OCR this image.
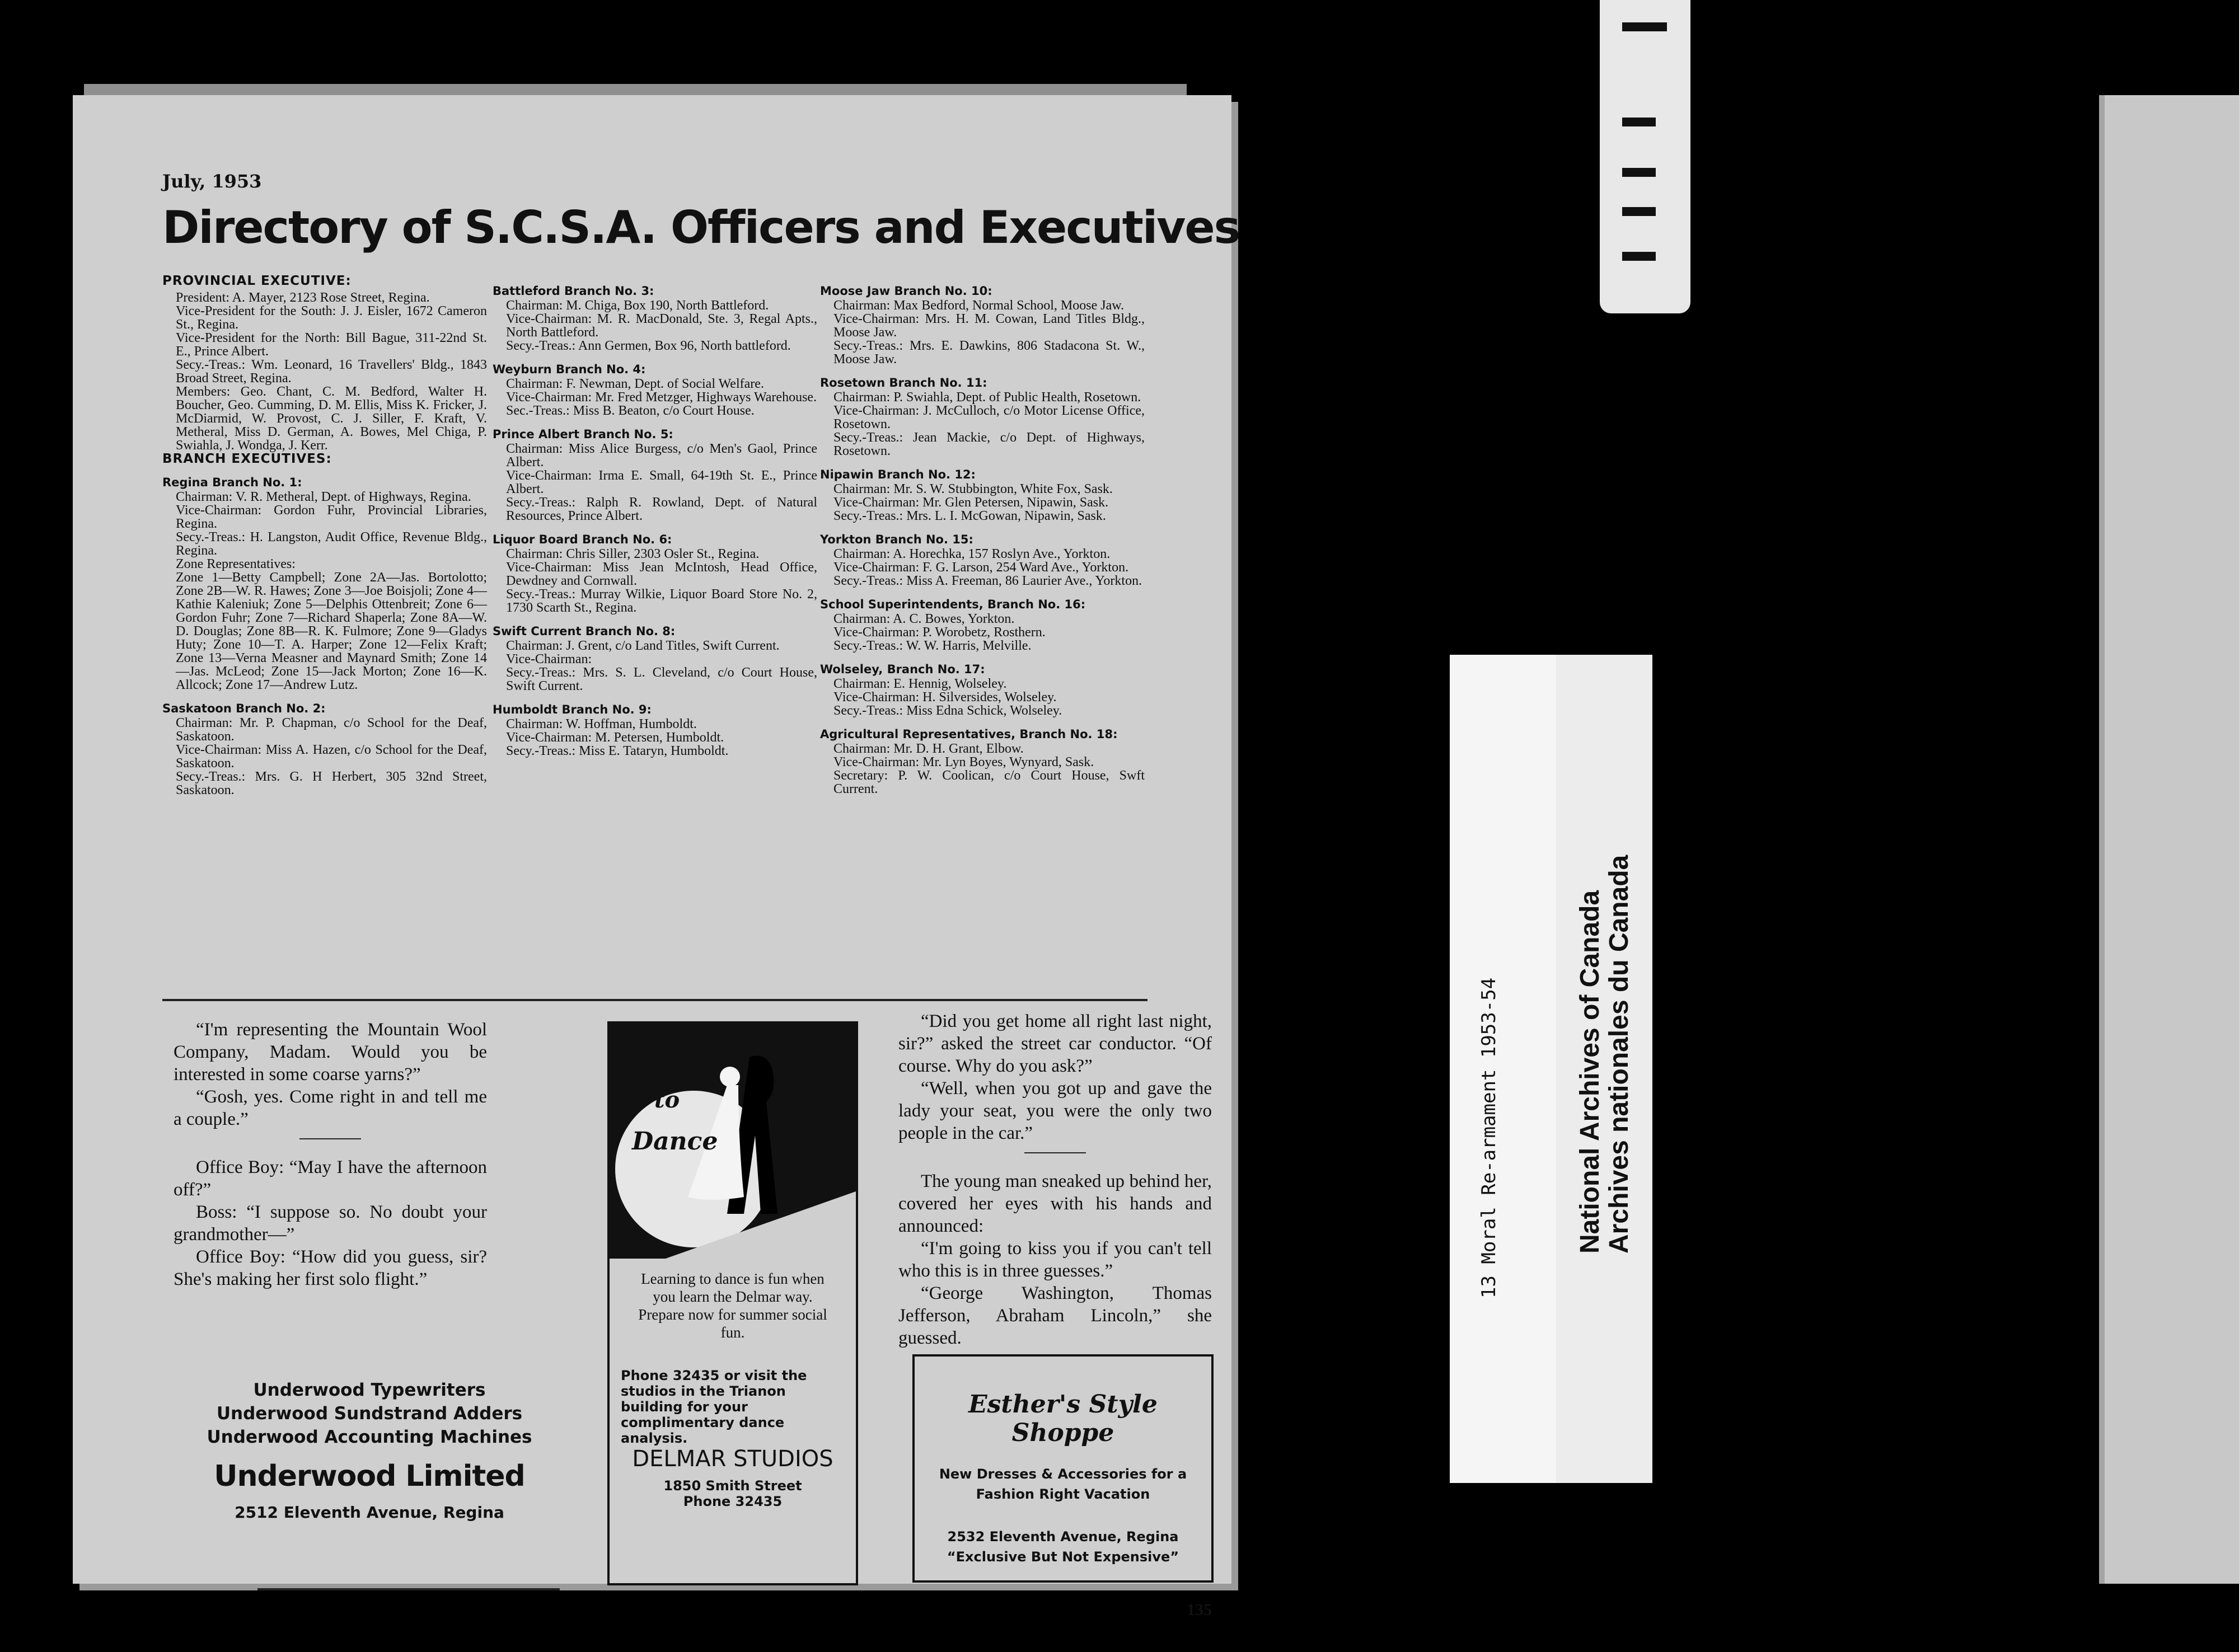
July, 1953
Directory of S.C.S.A. Officers and Executives
PROVINCIAL EXECUTIVE:
President: A. Mayer, 2123 Rose Street, Regina.
Vice-President for the South: J. J. Eisler, 1672 Cameron St., Regina.
Vice-President for the North: Bill Bague, 311-22nd St. E., Prince Albert.
Secy.-Treas.: Wm. Leonard, 16 Travellers' Bldg., 1843 Broad Street, Regina.
Members: Geo. Chant, C. M. Bedford, Walter H. Boucher, Geo. Cumming, D. M. Ellis, Miss K. Fricker, J. McDiarmid, W. Provost, C. J. Siller, F. Kraft, V. Metheral, Miss D. German, A. Bowes, Mel Chiga, P. Swiahla, J. Wondga, J. Kerr.
BRANCH EXECUTIVES:
Regina Branch No. 1:
Chairman: V. R. Metheral, Dept. of Highways, Regina.
Vice-Chairman: Gordon Fuhr, Provincial Libraries, Regina.
Secy.-Treas.: H. Langston, Audit Office, Revenue Bldg., Regina.
Zone Representatives:
Zone 1—Betty Campbell; Zone 2A—Jas. Bortolotto; Zone 2B—W. R. Hawes; Zone 3—Joe Boisjoli; Zone 4—Kathie Kaleniuk; Zone 5—Delphis Ottenbreit; Zone 6—Gordon Fuhr; Zone 7—Richard Shaperla; Zone 8A—W. D. Douglas; Zone 8B—R. K. Fulmore; Zone 9—Gladys Huty; Zone 10—T. A. Harper; Zone 12—Felix Kraft; Zone 13—Verna Measner and Maynard Smith; Zone 14—Jas. McLeod; Zone 15—Jack Morton; Zone 16—K. Allcock; Zone 17—Andrew Lutz.
Saskatoon Branch No. 2:
Chairman: Mr. P. Chapman, c/o School for the Deaf, Saskatoon.
Vice-Chairman: Miss A. Hazen, c/o School for the Deaf, Saskatoon.
Secy.-Treas.: Mrs. G. H Herbert, 305 32nd Street, Saskatoon.
Battleford Branch No. 3:
Chairman: M. Chiga, Box 190, North Battleford.
Vice-Chairman: M. R. MacDonald, Ste. 3, Regal Apts., North Battleford.
Secy.-Treas.: Ann Germen, Box 96, North battleford.
Weyburn Branch No. 4:
Chairman: F. Newman, Dept. of Social Welfare.
Vice-Chairman: Mr. Fred Metzger, Highways Warehouse.
Sec.-Treas.: Miss B. Beaton, c/o Court House.
Prince Albert Branch No. 5:
Chairman: Miss Alice Burgess, c/o Men's Gaol, Prince Albert.
Vice-Chairman: Irma E. Small, 64-19th St. E., Prince Albert.
Secy.-Treas.: Ralph R. Rowland, Dept. of Natural Resources, Prince Albert.
Liquor Board Branch No. 6:
Chairman: Chris Siller, 2303 Osler St., Regina.
Vice-Chairman: Miss Jean McIntosh, Head Office, Dewdney and Cornwall.
Secy.-Treas.: Murray Wilkie, Liquor Board Store No. 2, 1730 Scarth St., Regina.
Swift Current Branch No. 8:
Chairman: J. Grent, c/o Land Titles, Swift Current.
Vice-Chairman:
Secy.-Treas.: Mrs. S. L. Cleveland, c/o Court House, Swift Current.
Humboldt Branch No. 9:
Chairman: W. Hoffman, Humboldt.
Vice-Chairman: M. Petersen, Humboldt.
Secy.-Treas.: Miss E. Tataryn, Humboldt.
Moose Jaw Branch No. 10:
Chairman: Max Bedford, Normal School, Moose Jaw.
Vice-Chairman: Mrs. H. M. Cowan, Land Titles Bldg., Moose Jaw.
Secy.-Treas.: Mrs. E. Dawkins, 806 Stadacona St. W., Moose Jaw.
Rosetown Branch No. 11:
Chairman: P. Swiahla, Dept. of Public Health, Rosetown.
Vice-Chairman: J. McCulloch, c/o Motor License Office, Rosetown.
Secy.-Treas.: Jean Mackie, c/o Dept. of Highways, Rosetown.
Nipawin Branch No. 12:
Chairman: Mr. S. W. Stubbington, White Fox, Sask.
Vice-Chairman: Mr. Glen Petersen, Nipawin, Sask.
Secy.-Treas.: Mrs. L. I. McGowan, Nipawin, Sask.
Yorkton Branch No. 15:
Chairman: A. Horechka, 157 Roslyn Ave., Yorkton.
Vice-Chairman: F. G. Larson, 254 Ward Ave., Yorkton.
Secy.-Treas.: Miss A. Freeman, 86 Laurier Ave., Yorkton.
School Superintendents, Branch No. 16:
Chairman: A. C. Bowes, Yorkton.
Vice-Chairman: P. Worobetz, Rosthern.
Secy.-Treas.: W. W. Harris, Melville.
Wolseley, Branch No. 17:
Chairman: E. Hennig, Wolseley.
Vice-Chairman: H. Silversides, Wolseley.
Secy.-Treas.: Miss Edna Schick, Wolseley.
Agricultural Representatives, Branch No. 18:
Chairman: Mr. D. H. Grant, Elbow.
Vice-Chairman: Mr. Lyn Boyes, Wynyard, Sask.
Secretary: P. W. Coolican, c/o Court House, Swft Current.

“I'm representing the Mountain Wool Company, Madam. Would you be interested in some coarse yarns?”

“Gosh, yes. Come right in and tell me a couple.”

Office Boy: “May I have the afternoon off?”

Boss: “I suppose so. No doubt your grandmother—”

Office Boy: “How did you guess, sir? She's making her first solo flight.”

“Did you get home all right last night, sir?” asked the street car conductor. “Of course. Why do you ask?”

“Well, when you got up and gave the lady your seat, you were the only two people in the car.”

The young man sneaked up behind her, covered her eyes with his hands and announced:

“I'm going to kiss you if you can't tell who this is in three guesses.”

“George Washington, Thomas Jefferson, Abraham Lincoln,” she guessed.

Underwood Typewriters
Underwood Sundstrand Adders
Underwood Accounting Machines
Underwood Limited
2512 Eleventh Avenue, Regina
Learn
to
Dance
Learning to dance is fun when you learn the Delmar way. Prepare now for summer social fun.
Phone 32435 or visit the studios in the Trianon building for your complimentary dance analysis.
DELMAR STUDIOS
1850 Smith Street
Phone 32435
Esther's Style Shoppe
New Dresses & Accessories for a
Fashion Right Vacation
2532 Eleventh Avenue, Regina
“Exclusive But Not Expensive”
135
13 Moral Re-armament 1953-54	National Archives of Canada Archives nationales du Canada
